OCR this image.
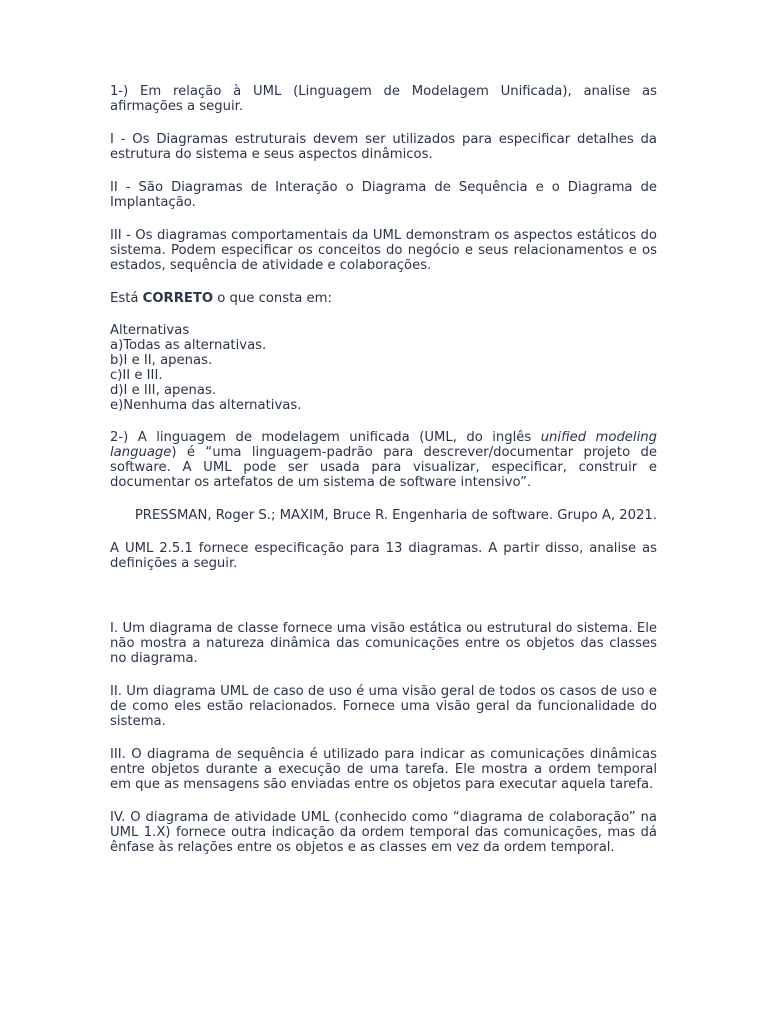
1-) Em relação à UML (Linguagem de Modelagem Unificada), analise as afirmações a seguir.

I - Os Diagramas estruturais devem ser utilizados para especificar detalhes da estrutura do sistema e seus aspectos dinâmicos.

II - São Diagramas de Interação o Diagrama de Sequência e o Diagrama de Implantação.

III - Os diagramas comportamentais da UML demonstram os aspectos estáticos do sistema. Podem especificar os conceitos do negócio e seus relacionamentos e os estados, sequência de atividade e colaborações.

Está CORRETO o que consta em:

Alternativas
a)Todas as alternativas.
b)I e II, apenas.
c)II e III.
d)I e III, apenas.
e)Nenhuma das alternativas.

2-) A linguagem de modelagem unificada (UML, do inglês unified modeling language) é “uma linguagem-padrão para descrever/documentar projeto de software. A UML pode ser usada para visualizar, especificar, construir e documentar os artefatos de um sistema de software intensivo”.

PRESSMAN, Roger S.; MAXIM, Bruce R. Engenharia de software. Grupo A, 2021.

A UML 2.5.1 fornece especificação para 13 diagramas. A partir disso, analise as definições a seguir.

I. Um diagrama de classe fornece uma visão estática ou estrutural do sistema. Ele não mostra a natureza dinâmica das comunicações entre os objetos das classes no diagrama.

II. Um diagrama UML de caso de uso é uma visão geral de todos os casos de uso e de como eles estão relacionados. Fornece uma visão geral da funcionalidade do sistema.

III. O diagrama de sequência é utilizado para indicar as comunicações dinâmicas entre objetos durante a execução de uma tarefa. Ele mostra a ordem temporal em que as mensagens são enviadas entre os objetos para executar aquela tarefa.

IV. O diagrama de atividade UML (conhecido como “diagrama de colaboração” na UML 1.X) fornece outra indicação da ordem temporal das comunicações, mas dá ênfase às relações entre os objetos e as classes em vez da ordem temporal.
